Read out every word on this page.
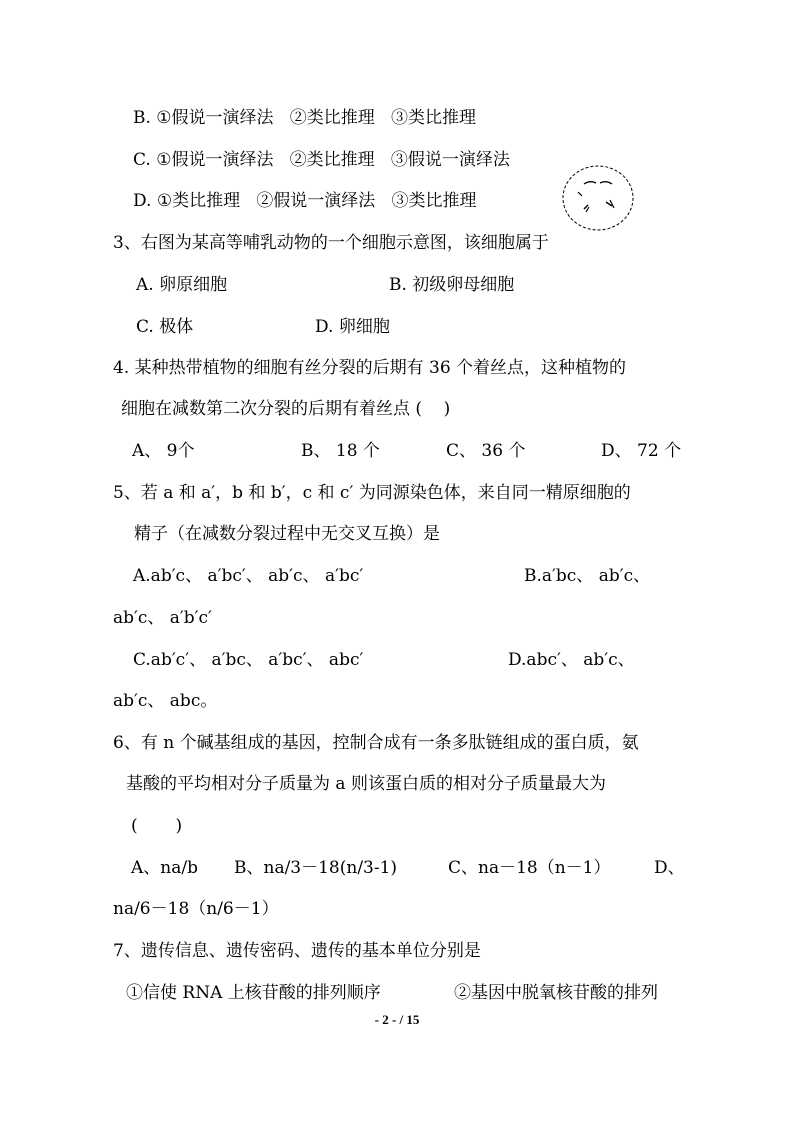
B. ①假说一演绎法   ②类比推理   ③类比推理
C. ①假说一演绎法   ②类比推理   ③假说一演绎法
D. ①类比推理   ②假说一演绎法   ③类比推理
3、右图为某高等哺乳动物的一个细胞示意图，该细胞属于
A. 卵原细胞	B. 初级卵母细胞
C. 极体	D. 卵细胞
4. 某种热带植物的细胞有丝分裂的后期有 36 个着丝点，这种植物的
细胞在减数第二次分裂的后期有着丝点 (    )
A、 9个	B、 18 个	C、 36 个	D、 72 个
5、若 a 和 a′，b 和 b′，c 和 c′ 为同源染色体，来自同一精原细胞的
精子（在减数分裂过程中无交叉互换）是
A.ab′c、 a′bc′、 ab′c、 a′bc′	B.a′bc、 ab′c、
ab′c、 a′b′c′
C.ab′c′、 a′bc、 a′bc′、 abc′	D.abc′、 ab′c、
ab′c、 abc。
6、有 n 个碱基组成的基因，控制合成有一条多肽链组成的蛋白质，氨
基酸的平均相对分子质量为 a 则该蛋白质的相对分子质量最大为
(       )
A、na/b B、na/3－18(n/3-1)	C、na－18（n－1）	D、
na/6－18（n/6－1）
7、遗传信息、遗传密码、遗传的基本单位分别是
①信使 RNA 上核苷酸的排列顺序	②基因中脱氧核苷酸的排列
- 2 - / 15
